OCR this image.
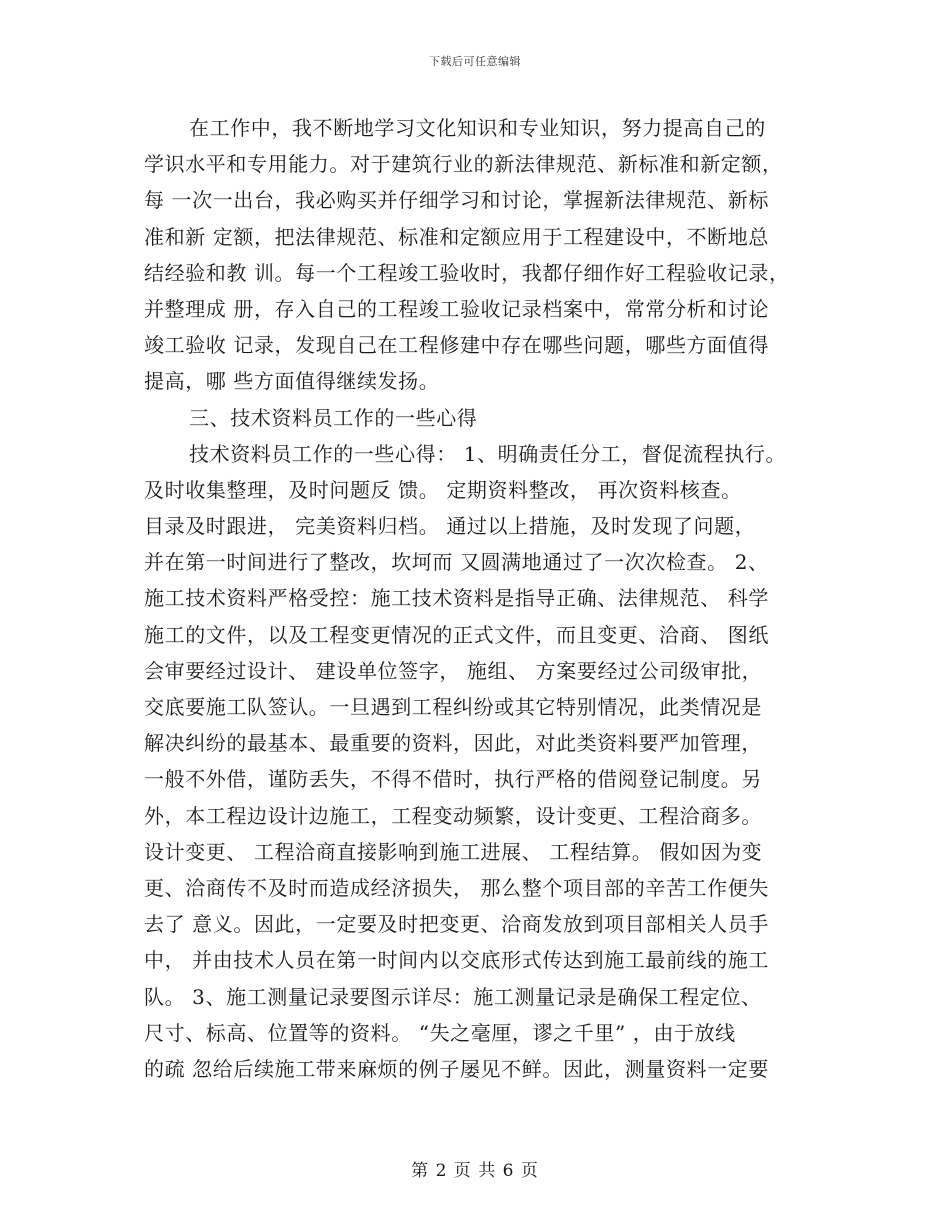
下载后可任意编辑
在工作中，我不断地学习文化知识和专业知识，努力提高自己的
学识水平和专用能力。对于建筑行业的新法律规范、新标准和新定额，
每 一次一出台，我必购买并仔细学习和讨论，掌握新法律规范、新标
准和新 定额，把法律规范、标准和定额应用于工程建设中，不断地总
结经验和教 训。每一个工程竣工验收时，我都仔细作好工程验收记录，
并整理成 册，存入自己的工程竣工验收记录档案中，常常分析和讨论
竣工验收 记录，发现自己在工程修建中存在哪些问题，哪些方面值得
提高，哪 些方面值得继续发扬。
三、技术资料员工作的一些心得
技术资料员工作的一些心得： 1、明确责任分工，督促流程执行。
及时收集整理，及时问题反 馈。 定期资料整改， 再次资料核查。
目录及时跟进， 完美资料归档。 通过以上措施，及时发现了问题，
并在第一时间进行了整改，坎坷而 又圆满地通过了一次次检查。 2、
施工技术资料严格受控：施工技术资料是指导正确、法律规范、 科学
施工的文件，以及工程变更情况的正式文件，而且变更、洽商、 图纸
会审要经过设计、 建设单位签字， 施组、 方案要经过公司级审批，
交底要施工队签认。一旦遇到工程纠纷或其它特别情况，此类情况是
解决纠纷的最基本、最重要的资料，因此，对此类资料要严加管理，
一般不外借，谨防丢失，不得不借时，执行严格的借阅登记制度。另
外，本工程边设计边施工，工程变动频繁，设计变更、工程洽商多。
设计变更、 工程洽商直接影响到施工进展、 工程结算。 假如因为变
更、洽商传不及时而造成经济损失， 那么整个项目部的辛苦工作便失
去了 意义。因此，一定要及时把变更、洽商发放到项目部相关人员手
中， 并由技术人员在第一时间内以交底形式传达到施工最前线的施工
队。 3、施工测量记录要图示详尽：施工测量记录是确保工程定位、
尺寸、标高、位置等的资料。 “失之毫厘，谬之千里” ，由于放线
的疏 忽给后续施工带来麻烦的例子屡见不鲜。因此，测量资料一定要
第 2 页 共 6 页
